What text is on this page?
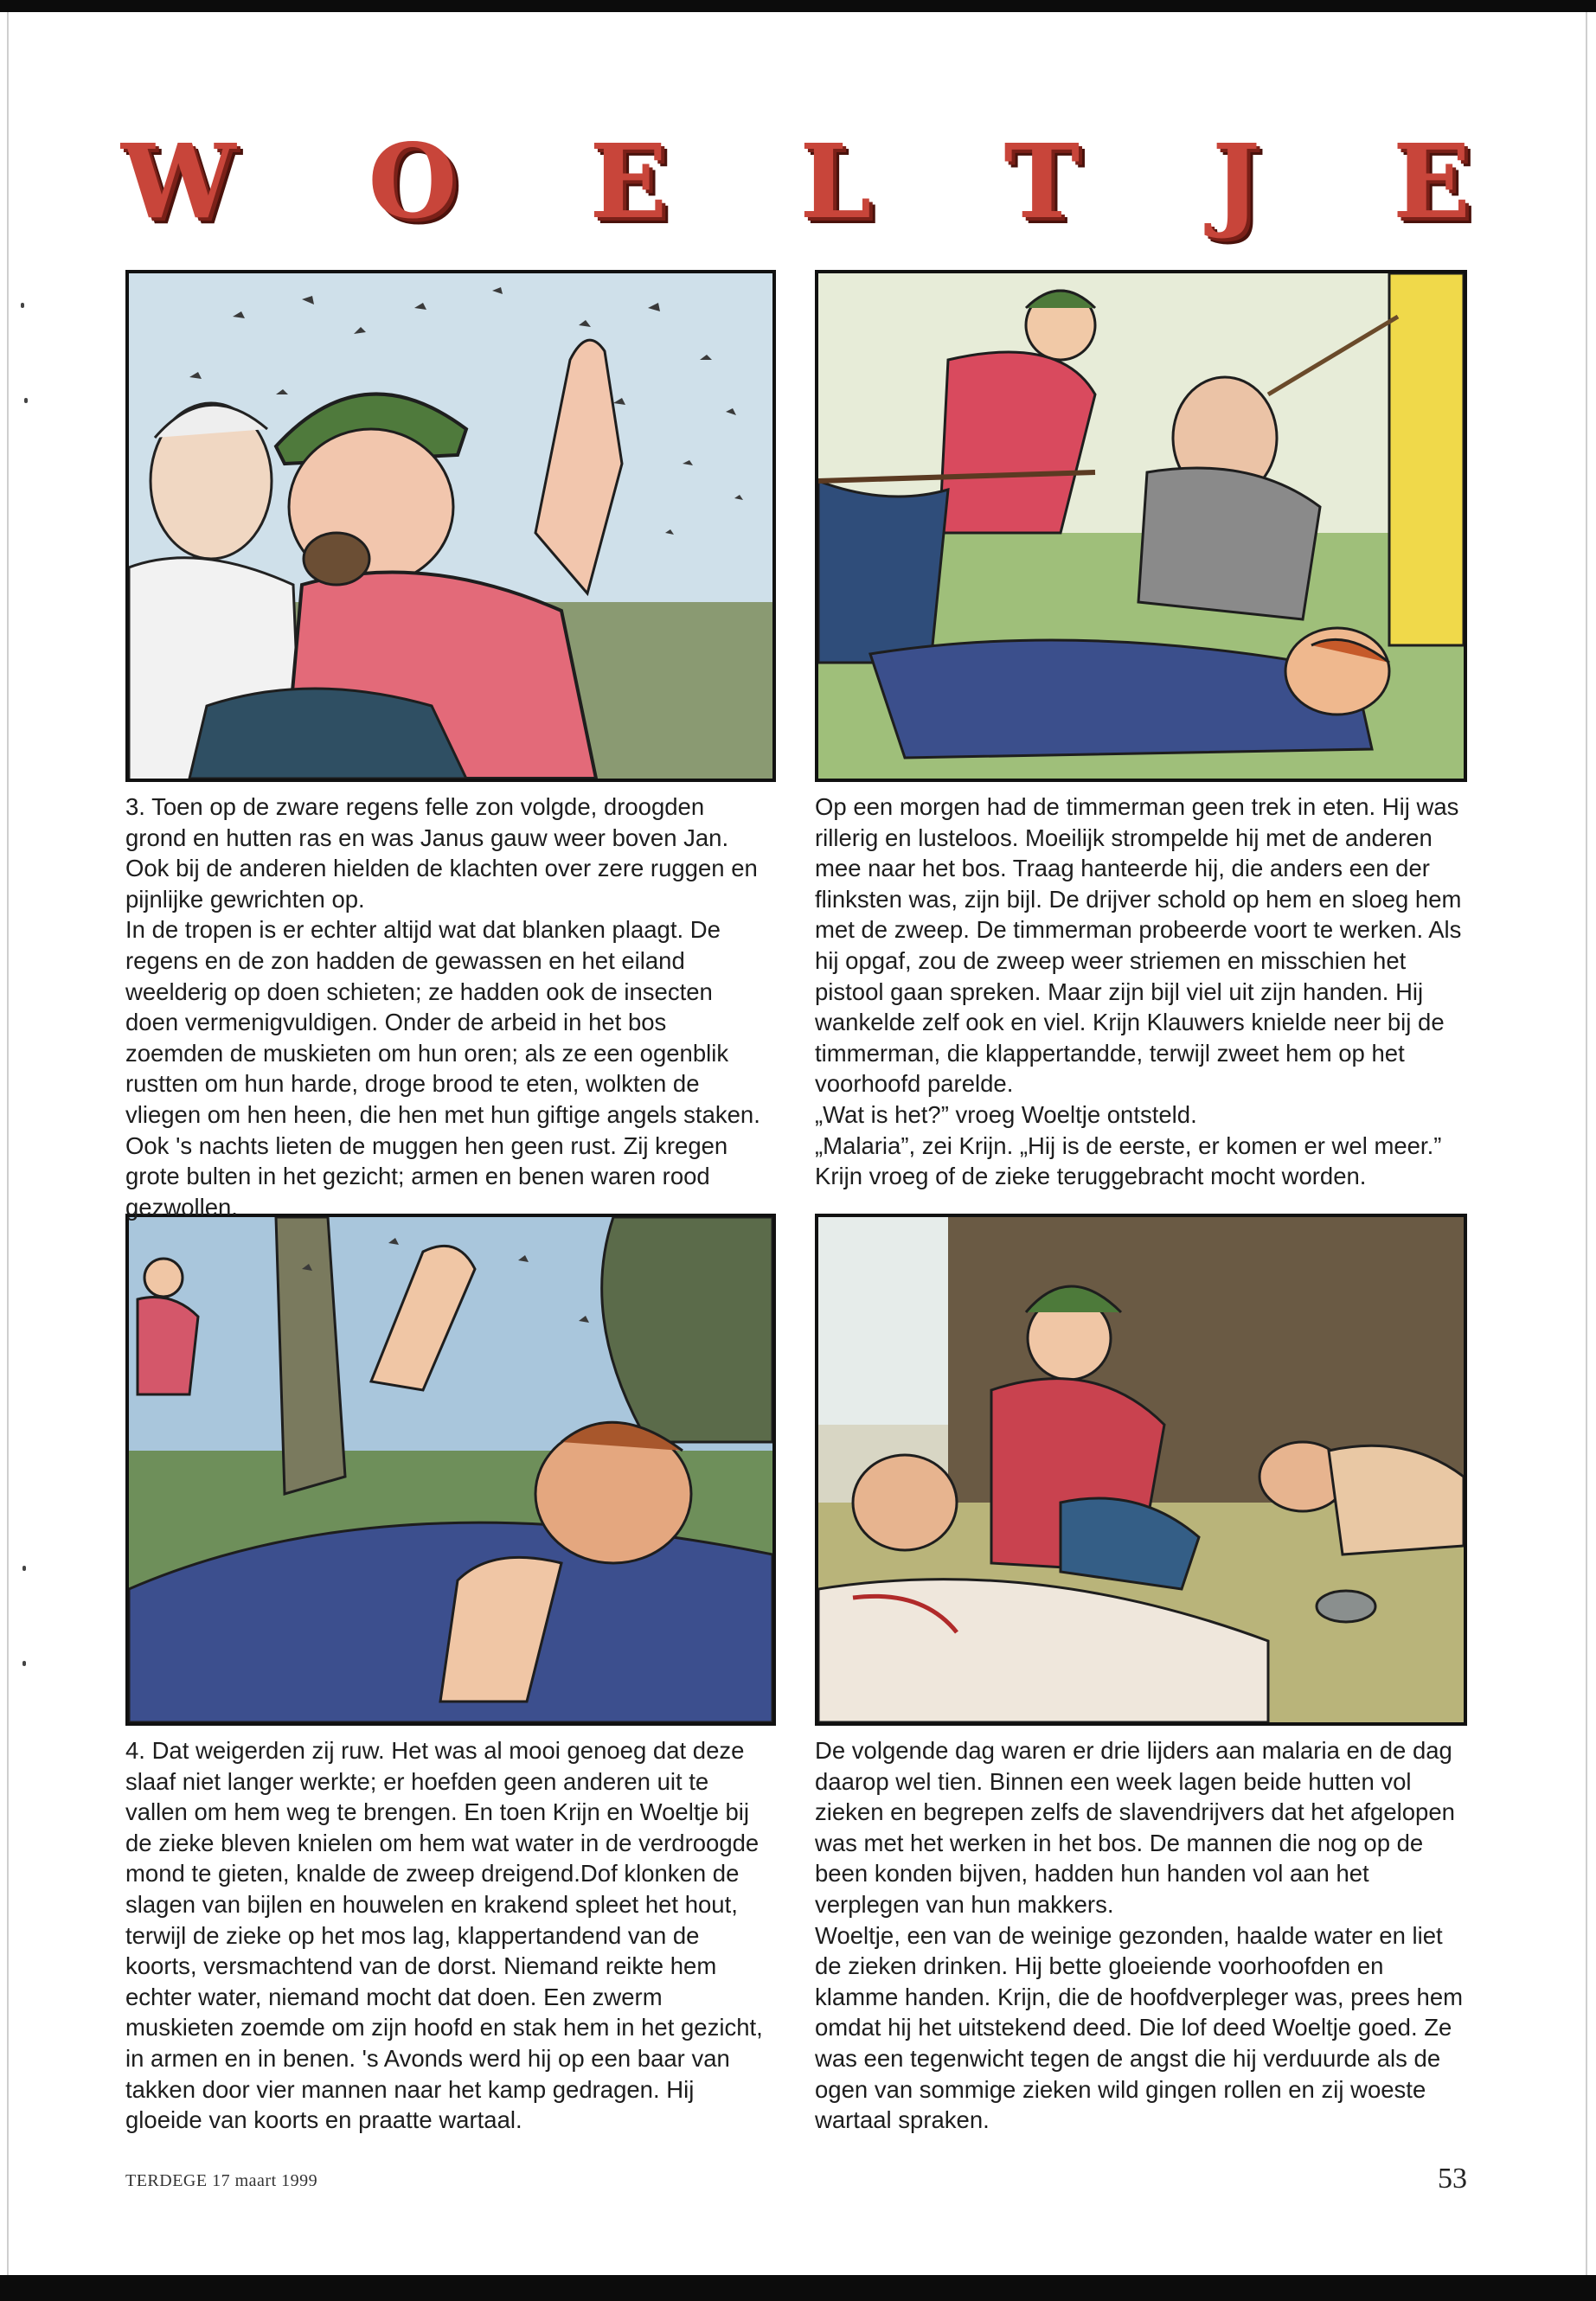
W O E L T J E

3. Toen op de zware regens felle zon volgde, droogden grond en hutten ras en was Janus gauw weer boven Jan. Ook bij de anderen hielden de klachten over zere ruggen en pijnlijke gewrichten op.

In de tropen is er echter altijd wat dat blanken plaagt. De regens en de zon hadden de gewassen en het eiland weelderig op doen schieten; ze hadden ook de insecten doen vermenigvuldigen. Onder de arbeid in het bos zoemden de muskieten om hun oren; als ze een ogenblik rustten om hun harde, droge brood te eten, wolkten de vliegen om hen heen, die hen met hun giftige angels staken. Ook 's nachts lieten de muggen hen geen rust. Zij kregen grote bulten in het gezicht; armen en benen waren rood gezwollen.

Op een morgen had de timmerman geen trek in eten. Hij was rillerig en lusteloos. Moeilijk strompelde hij met de anderen mee naar het bos. Traag hanteerde hij, die anders een der flinksten was, zijn bijl. De drijver schold op hem en sloeg hem met de zweep. De timmerman probeerde voort te werken. Als hij opgaf, zou de zweep weer striemen en misschien het pistool gaan spreken. Maar zijn bijl viel uit zijn handen. Hij wankelde zelf ook en viel. Krijn Klauwers knielde neer bij de timmerman, die klappertandde, terwijl zweet hem op het voorhoofd parelde.

„Wat is het?” vroeg Woeltje ontsteld.

„Malaria”, zei Krijn. „Hij is de eerste, er komen er wel meer.” Krijn vroeg of de zieke teruggebracht mocht worden.

4. Dat weigerden zij ruw. Het was al mooi genoeg dat deze slaaf niet langer werkte; er hoefden geen anderen uit te vallen om hem weg te brengen. En toen Krijn en Woeltje bij de zieke bleven knielen om hem wat water in de verdroogde mond te gieten, knalde de zweep dreigend.Dof klonken de slagen van bijlen en houwelen en krakend spleet het hout, terwijl de zieke op het mos lag, klappertandend van de koorts, versmachtend van de dorst. Niemand reikte hem echter water, niemand mocht dat doen. Een zwerm muskieten zoemde om zijn hoofd en stak hem in het gezicht, in armen en in benen. 's Avonds werd hij op een baar van takken door vier mannen naar het kamp gedragen. Hij gloeide van koorts en praatte wartaal.

De volgende dag waren er drie lijders aan malaria en de dag daarop wel tien. Binnen een week lagen beide hutten vol zieken en begrepen zelfs de slavendrijvers dat het afgelopen was met het werken in het bos. De mannen die nog op de been konden bijven, hadden hun handen vol aan het verplegen van hun makkers.

Woeltje, een van de weinige gezonden, haalde water en liet de zieken drinken. Hij bette gloeiende voorhoofden en klamme handen. Krijn, die de hoofdverpleger was, prees hem omdat hij het uitstekend deed. Die lof deed Woeltje goed. Ze was een tegenwicht tegen de angst die hij verduurde als de ogen van sommige zieken wild gingen rollen en zij woeste wartaal spraken.

TERDEGE 17 maart 1999	53
